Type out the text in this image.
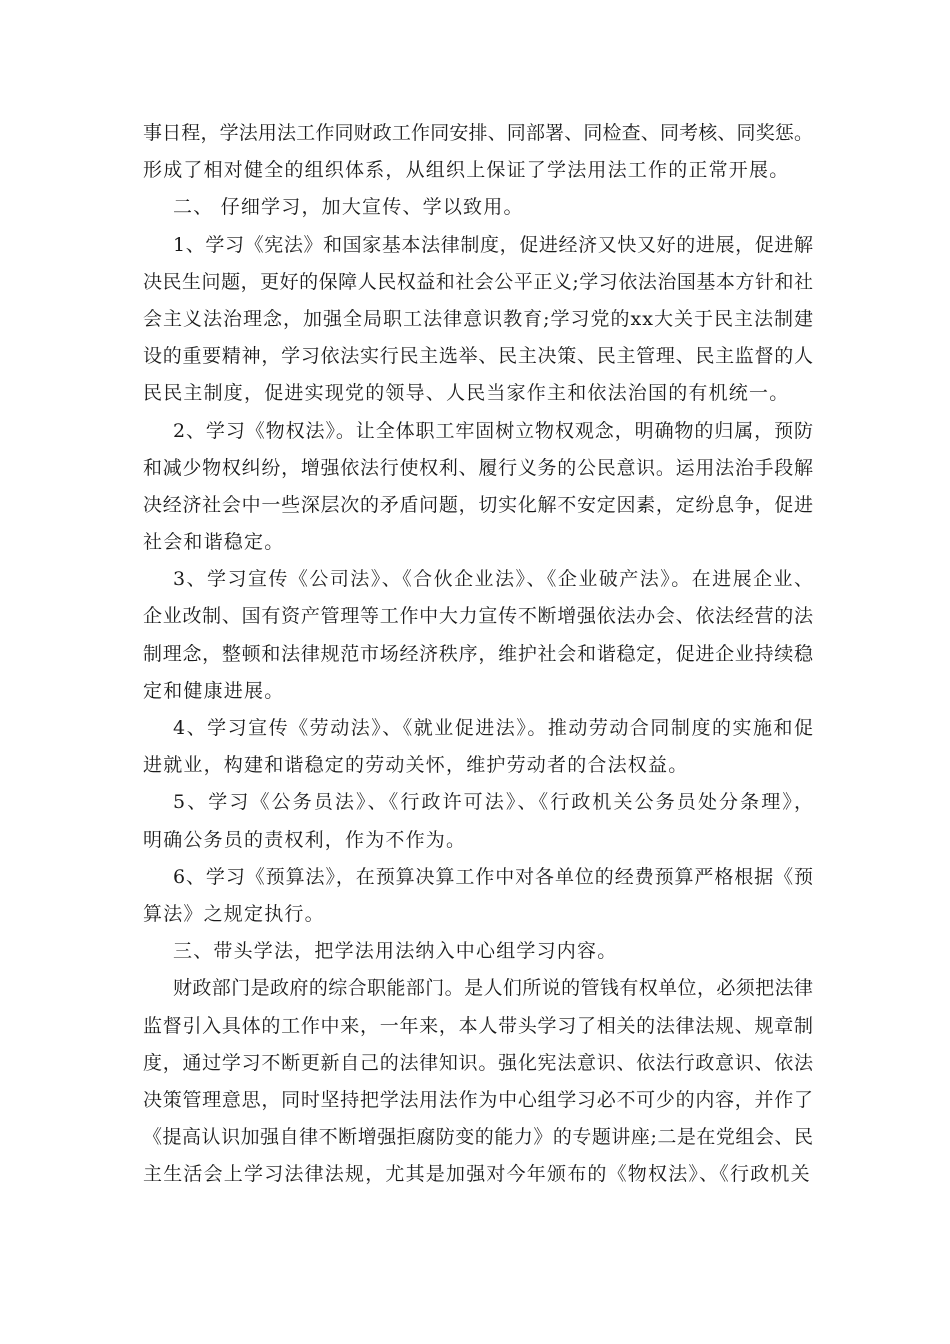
事日程，学法用法工作同财政工作同安排、同部署、同检查、同考核、同奖惩。
形成了相对健全的组织体系，从组织上保证了学法用法工作的正常开展。
二、 仔细学习，加大宣传、学以致用。
1、学习《宪法》和国家基本法律制度，促进经济又快又好的进展，促进解
决民生问题，更好的保障人民权益和社会公平正义;学习依法治国基本方针和社
会主义法治理念，加强全局职工法律意识教育;学习党的xx大关于民主法制建
设的重要精神，学习依法实行民主选举、民主决策、民主管理、民主监督的人
民民主制度，促进实现党的领导、人民当家作主和依法治国的有机统一。
2、学习《物权法》。让全体职工牢固树立物权观念，明确物的归属，预防
和减少物权纠纷，增强依法行使权利、履行义务的公民意识。运用法治手段解
决经济社会中一些深层次的矛盾问题，切实化解不安定因素，定纷息争，促进
社会和谐稳定。
3、学习宣传《公司法》、《合伙企业法》、《企业破产法》。在进展企业、
企业改制、国有资产管理等工作中大力宣传不断增强依法办会、依法经营的法
制理念，整顿和法律规范市场经济秩序，维护社会和谐稳定，促进企业持续稳
定和健康进展。
4、学习宣传《劳动法》、《就业促进法》。推动劳动合同制度的实施和促
进就业，构建和谐稳定的劳动关怀，维护劳动者的合法权益。
5、学习《公务员法》、《行政许可法》、《行政机关公务员处分条理》，
明确公务员的责权利，作为不作为。
6、学习《预算法》，在预算决算工作中对各单位的经费预算严格根据《预
算法》之规定执行。
三、带头学法，把学法用法纳入中心组学习内容。
财政部门是政府的综合职能部门。是人们所说的管钱有权单位，必须把法律
监督引入具体的工作中来，一年来，本人带头学习了相关的法律法规、规章制
度，通过学习不断更新自己的法律知识。强化宪法意识、依法行政意识、依法
决策管理意思，同时坚持把学法用法作为中心组学习必不可少的内容，并作了
《提高认识加强自律不断增强拒腐防变的能力》的专题讲座;二是在党组会、民
主生活会上学习法律法规，尤其是加强对今年颁布的《物权法》、《行政机关
